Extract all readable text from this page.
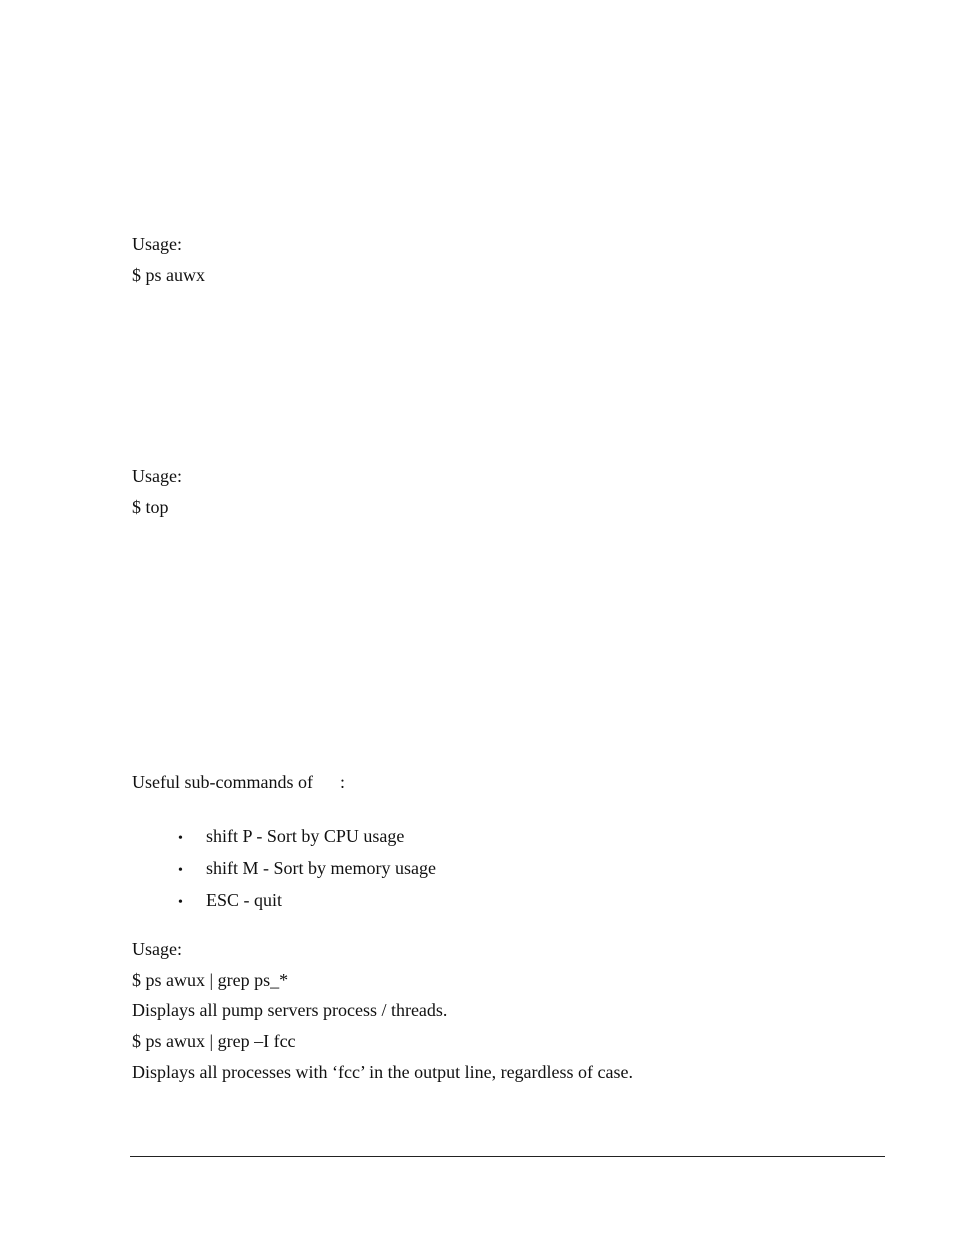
Usage:
$ ps auwx
Usage:
$ top
Useful sub-commands of      :

• shift P - Sort by CPU usage

• shift M - Sort by memory usage

• ESC - quit

Usage:
$ ps awux | grep ps_*
Displays all pump servers process / threads.
$ ps awux | grep –I fcc
Displays all processes with ‘fcc’ in the output line, regardless of case.
